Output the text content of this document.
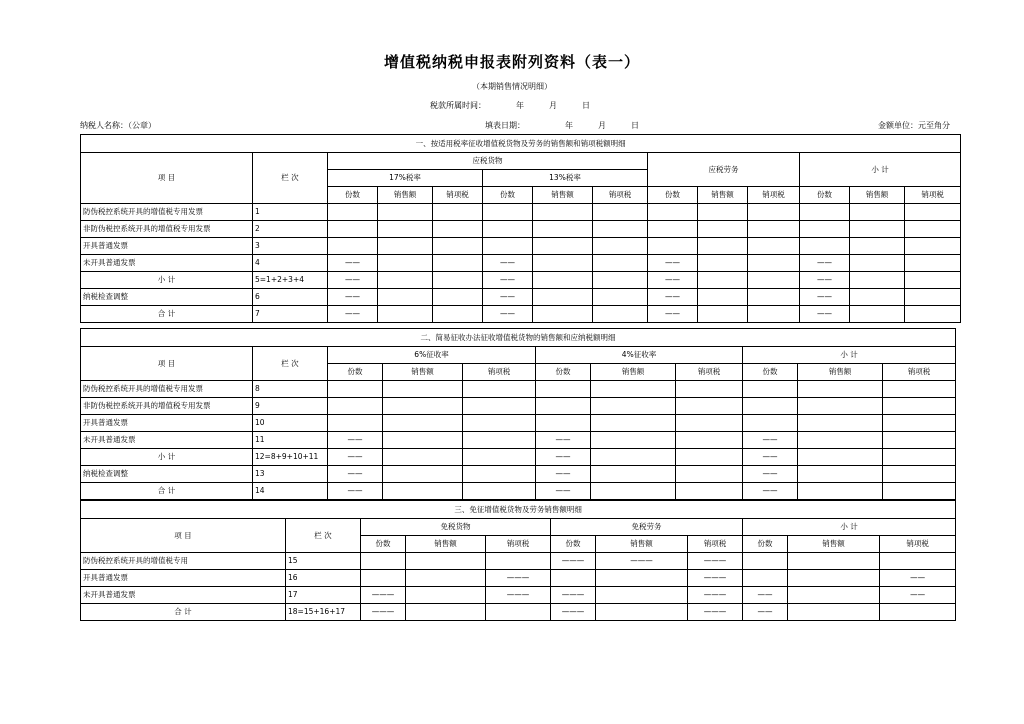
增值税纳税申报表附列资料（表一）
（本期销售情况明细）
税款所属时间：	年	月	日
纳税人名称：（公章）	填表日期：	年	月	日	金额单位：元至角分
一、按适用税率征收增值税货物及劳务的销售额和销项税额明细													
项 目	栏 次	应税货物						应税劳务			小 计		
		17%税率			13%税率								
		份数	销售额	销项税	份数	销售额	销项税	份数	销售额	销项税	份数	销售额	销项税
防伪税控系统开具的增值税专用发票	1												
非防伪税控系统开具的增值税专用发票	2												
开具普通发票	3												
未开具普通发票	4	——			——			——			——		
小 计	5=1+2+3+4	——			——			——			——		
纳税检查调整	6	——			——			——			——		
合 计	7	——			——			——			——		
二、简易征收办法征收增值税货物的销售额和应纳税额明细										
项 目	栏 次	6%征收率			4%征收率			小 计		
		份数	销售额	销项税	份数	销售额	销项税	份数	销售额	销项税
防伪税控系统开具的增值税专用发票	8									
非防伪税控系统开具的增值税专用发票	9									
开具普通发票	10									
未开具普通发票	11	——			——			——		
小 计	12=8+9+10+11	——			——			——		
纳税检查调整	13	——			——			——		
合 计	14	——			——			——		
三、免征增值税货物及劳务销售额明细										
项 目	栏 次	免税货物			免税劳务			小 计		
		份数	销售额	销项税	份数	销售额	销项税	份数	销售额	销项税
防伪税控系统开具的增值税专用	15				———	———	———			
开具普通发票	16			———			———			——
未开具普通发票	17	———		———	———		———	——		——
合 计	18=15+16+17	———			———		———	——		
